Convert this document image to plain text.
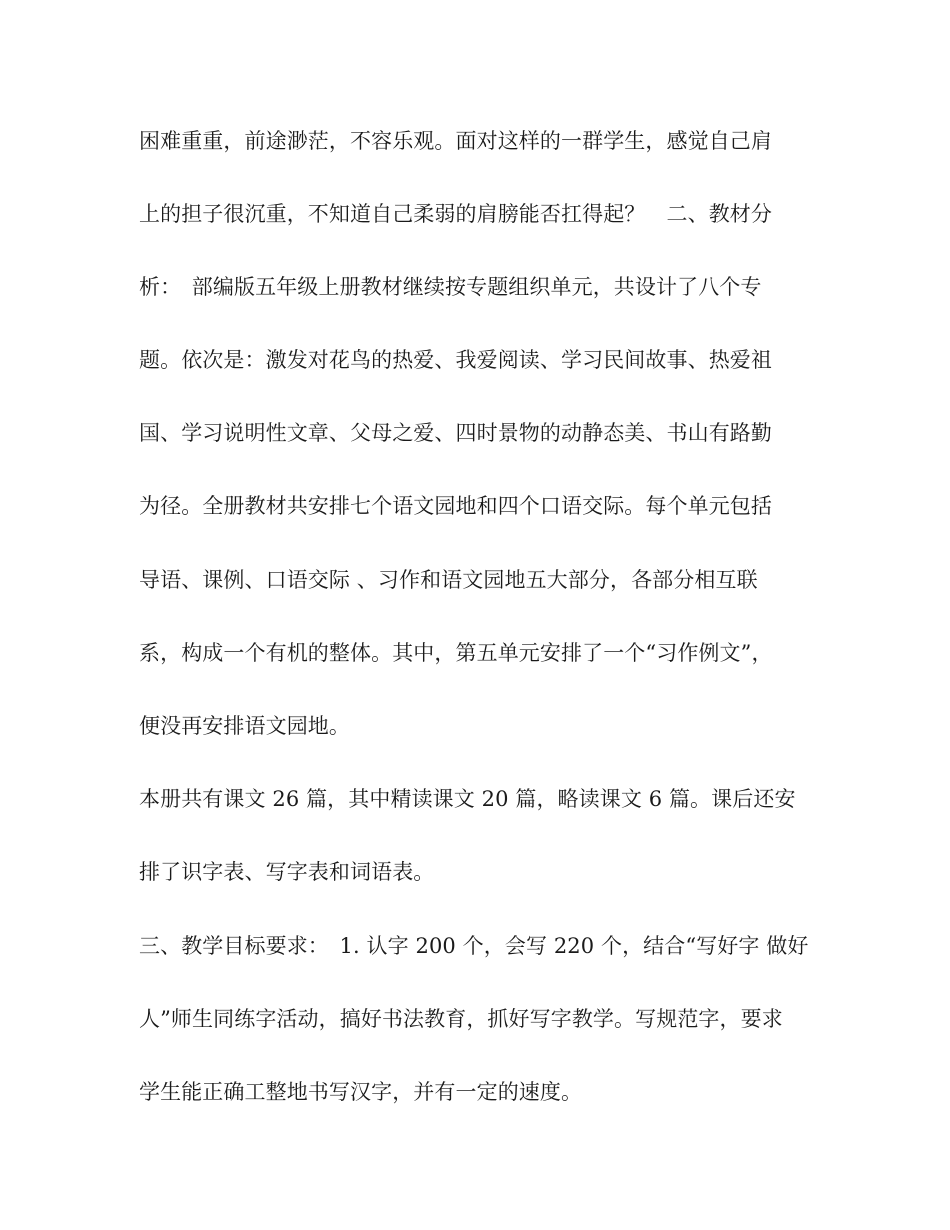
困难重重，前途渺茫，不容乐观。面对这样的一群学生，感觉自己肩
上的担子很沉重，不知道自己柔弱的肩膀能否扛得起？　二、教材分
析：　部编版五年级上册教材继续按专题组织单元，共设计了八个专
题。依次是：激发对花鸟的热爱、我爱阅读、学习民间故事、热爱祖
国、学习说明性文章、父母之爱、四时景物的动静态美、书山有路勤
为径。全册教材共安排七个语文园地和四个口语交际。每个单元包括
导语、课例、口语交际 、习作和语文园地五大部分，各部分相互联
系，构成一个有机的整体。其中，第五单元安排了一个“习作例文”，
便没再安排语文园地。
本册共有课文 26 篇，其中精读课文 20 篇，略读课文 6 篇。课后还安
排了识字表、写字表和词语表。
三、教学目标要求：　1. 认字 200 个，会写 220 个，结合“写好字 做好
人”师生同练字活动，搞好书法教育，抓好写字教学。写规范字，要求
学生能正确工整地书写汉字，并有一定的速度。
